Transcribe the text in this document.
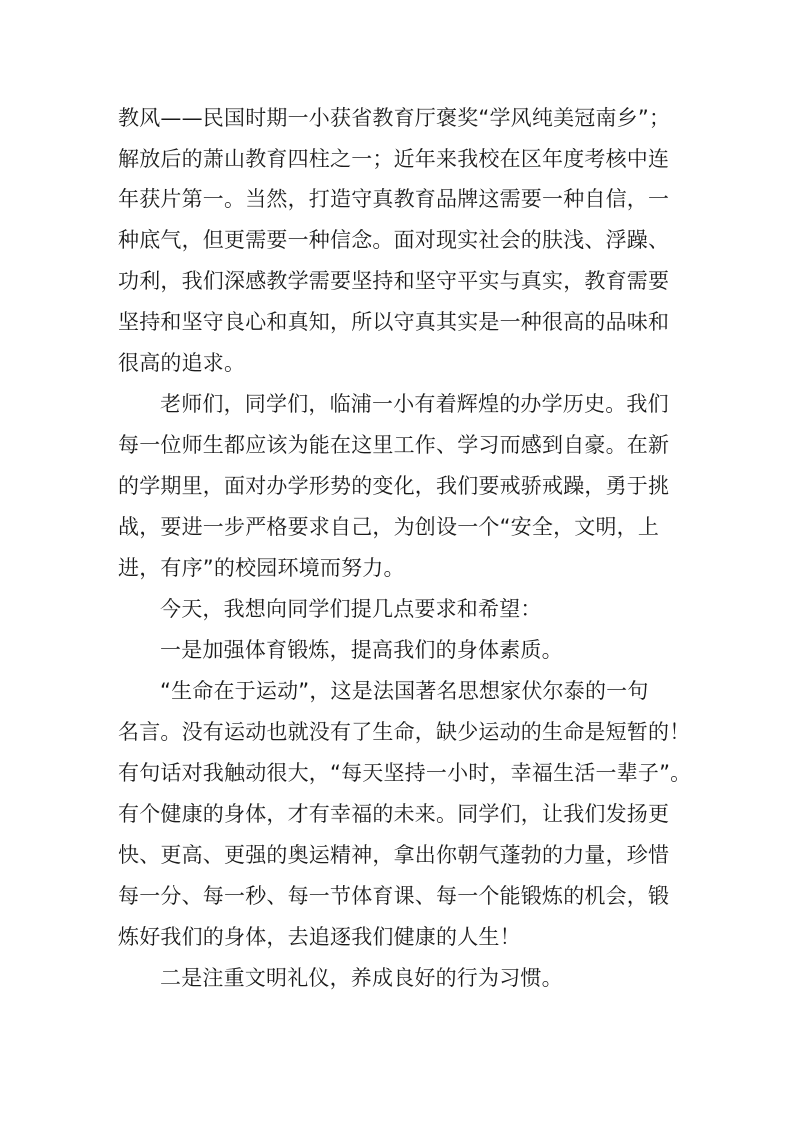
教风——民国时期一小获省教育厅褒奖“学风纯美冠南乡”；
解放后的萧山教育四柱之一；近年来我校在区年度考核中连
年获片第一。当然，打造守真教育品牌这需要一种自信，一
种底气，但更需要一种信念。面对现实社会的肤浅、浮躁、
功利，我们深感教学需要坚持和坚守平实与真实，教育需要
坚持和坚守良心和真知，所以守真其实是一种很高的品味和
很高的追求。
老师们，同学们，临浦一小有着辉煌的办学历史。我们
每一位师生都应该为能在这里工作、学习而感到自豪。在新
的学期里，面对办学形势的变化，我们要戒骄戒躁，勇于挑
战，要进一步严格要求自己，为创设一个“安全，文明，上
进，有序”的校园环境而努力。
今天，我想向同学们提几点要求和希望：
一是加强体育锻炼，提高我们的身体素质。
“生命在于运动”，这是法国著名思想家伏尔泰的一句
名言。没有运动也就没有了生命，缺少运动的生命是短暂的！
有句话对我触动很大，“每天坚持一小时，幸福生活一辈子”。
有个健康的身体，才有幸福的未来。同学们，让我们发扬更
快、更高、更强的奥运精神，拿出你朝气蓬勃的力量，珍惜
每一分、每一秒、每一节体育课、每一个能锻炼的机会，锻
炼好我们的身体，去追逐我们健康的人生！
二是注重文明礼仪，养成良好的行为习惯。
